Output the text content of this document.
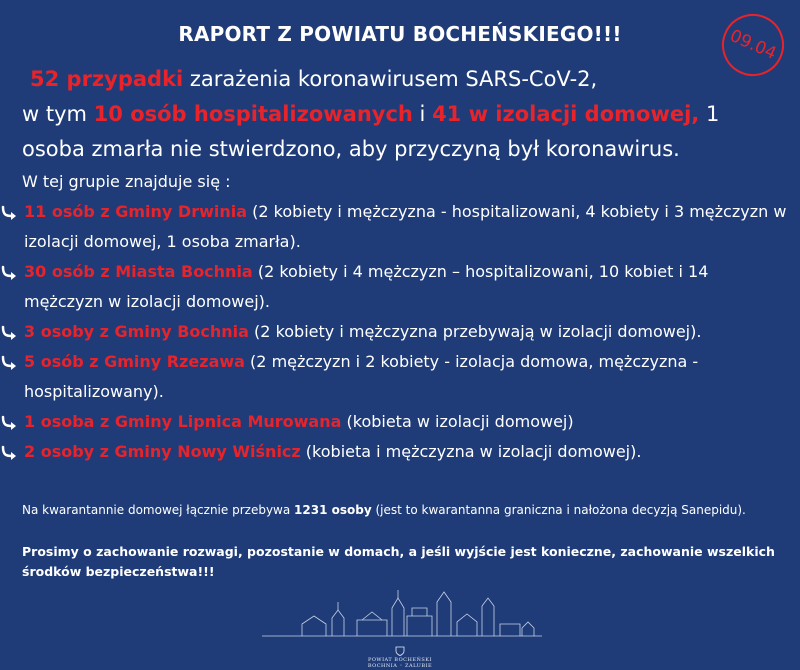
RAPORT Z POWIATU BOCHEŃSKIEGO!!!	09.04
52 przypadki zarażenia koronawirusem SARS-CoV-2,
w tym 10 osób hospitalizowanych i 41 w izolacji domowej, 1
osoba zmarła nie stwierdzono, aby przyczyną był koronawirus.
W tej grupie znajduje się :
11 osób z Gminy Drwinia (2 kobiety i mężczyzna - hospitalizowani, 4 kobiety i 3 mężczyzn w izolacji domowej, 1 osoba zmarła).
30 osób z Miasta Bochnia (2 kobiety i 4 mężczyzn – hospitalizowani, 10 kobiet i 14 mężczyzn w izolacji domowej).
3 osoby z Gminy Bochnia (2 kobiety i mężczyzna przebywają w izolacji domowej).
5 osób z Gminy Rzezawa (2 mężczyzn i 2 kobiety - izolacja domowa, mężczyzna - hospitalizowany).
1 osoba z Gminy Lipnica Murowana (kobieta w izolacji domowej)
2 osoby z Gminy Nowy Wiśnicz (kobieta i mężczyzna w izolacji domowej).
Na kwarantannie domowej łącznie przebywa 1231 osoby (jest to kwarantanna graniczna i nałożona decyzją Sanepidu).
Prosimy o zachowanie rozwagi, pozostanie w domach, a jeśli wyjście jest konieczne, zachowanie wszelkich środków bezpieczeństwa!!!
POWIAT BOCHEŃSKI
BOCHNIA ◦ ZALUBIE
